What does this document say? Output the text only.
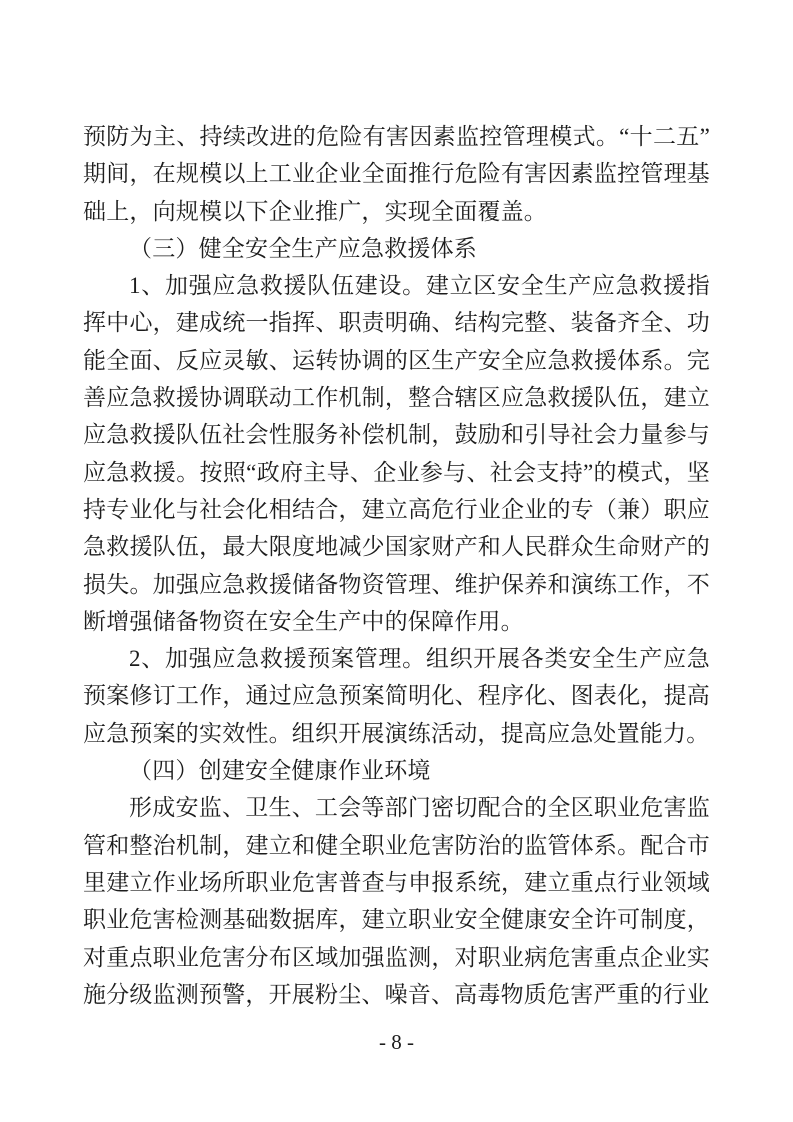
预防为主、持续改进的危险有害因素监控管理模式。“十二五”期间，在规模以上工业企业全面推行危险有害因素监控管理基础上，向规模以下企业推广，实现全面覆盖。

（三）健全安全生产应急救援体系

1、加强应急救援队伍建设。建立区安全生产应急救援指挥中心，建成统一指挥、职责明确、结构完整、装备齐全、功能全面、反应灵敏、运转协调的区生产安全应急救援体系。完善应急救援协调联动工作机制，整合辖区应急救援队伍，建立应急救援队伍社会性服务补偿机制，鼓励和引导社会力量参与应急救援。按照“政府主导、企业参与、社会支持”的模式，坚持专业化与社会化相结合，建立高危行业企业的专（兼）职应急救援队伍，最大限度地减少国家财产和人民群众生命财产的损失。加强应急救援储备物资管理、维护保养和演练工作，不断增强储备物资在安全生产中的保障作用。

2、加强应急救援预案管理。组织开展各类安全生产应急预案修订工作，通过应急预案简明化、程序化、图表化，提高应急预案的实效性。组织开展演练活动，提高应急处置能力。

（四）创建安全健康作业环境

形成安监、卫生、工会等部门密切配合的全区职业危害监管和整治机制，建立和健全职业危害防治的监管体系。配合市里建立作业场所职业危害普查与申报系统，建立重点行业领域职业危害检测基础数据库，建立职业安全健康安全许可制度，对重点职业危害分布区域加强监测，对职业病危害重点企业实施分级监测预警，开展粉尘、噪音、高毒物质危害严重的行业

- 8 -
